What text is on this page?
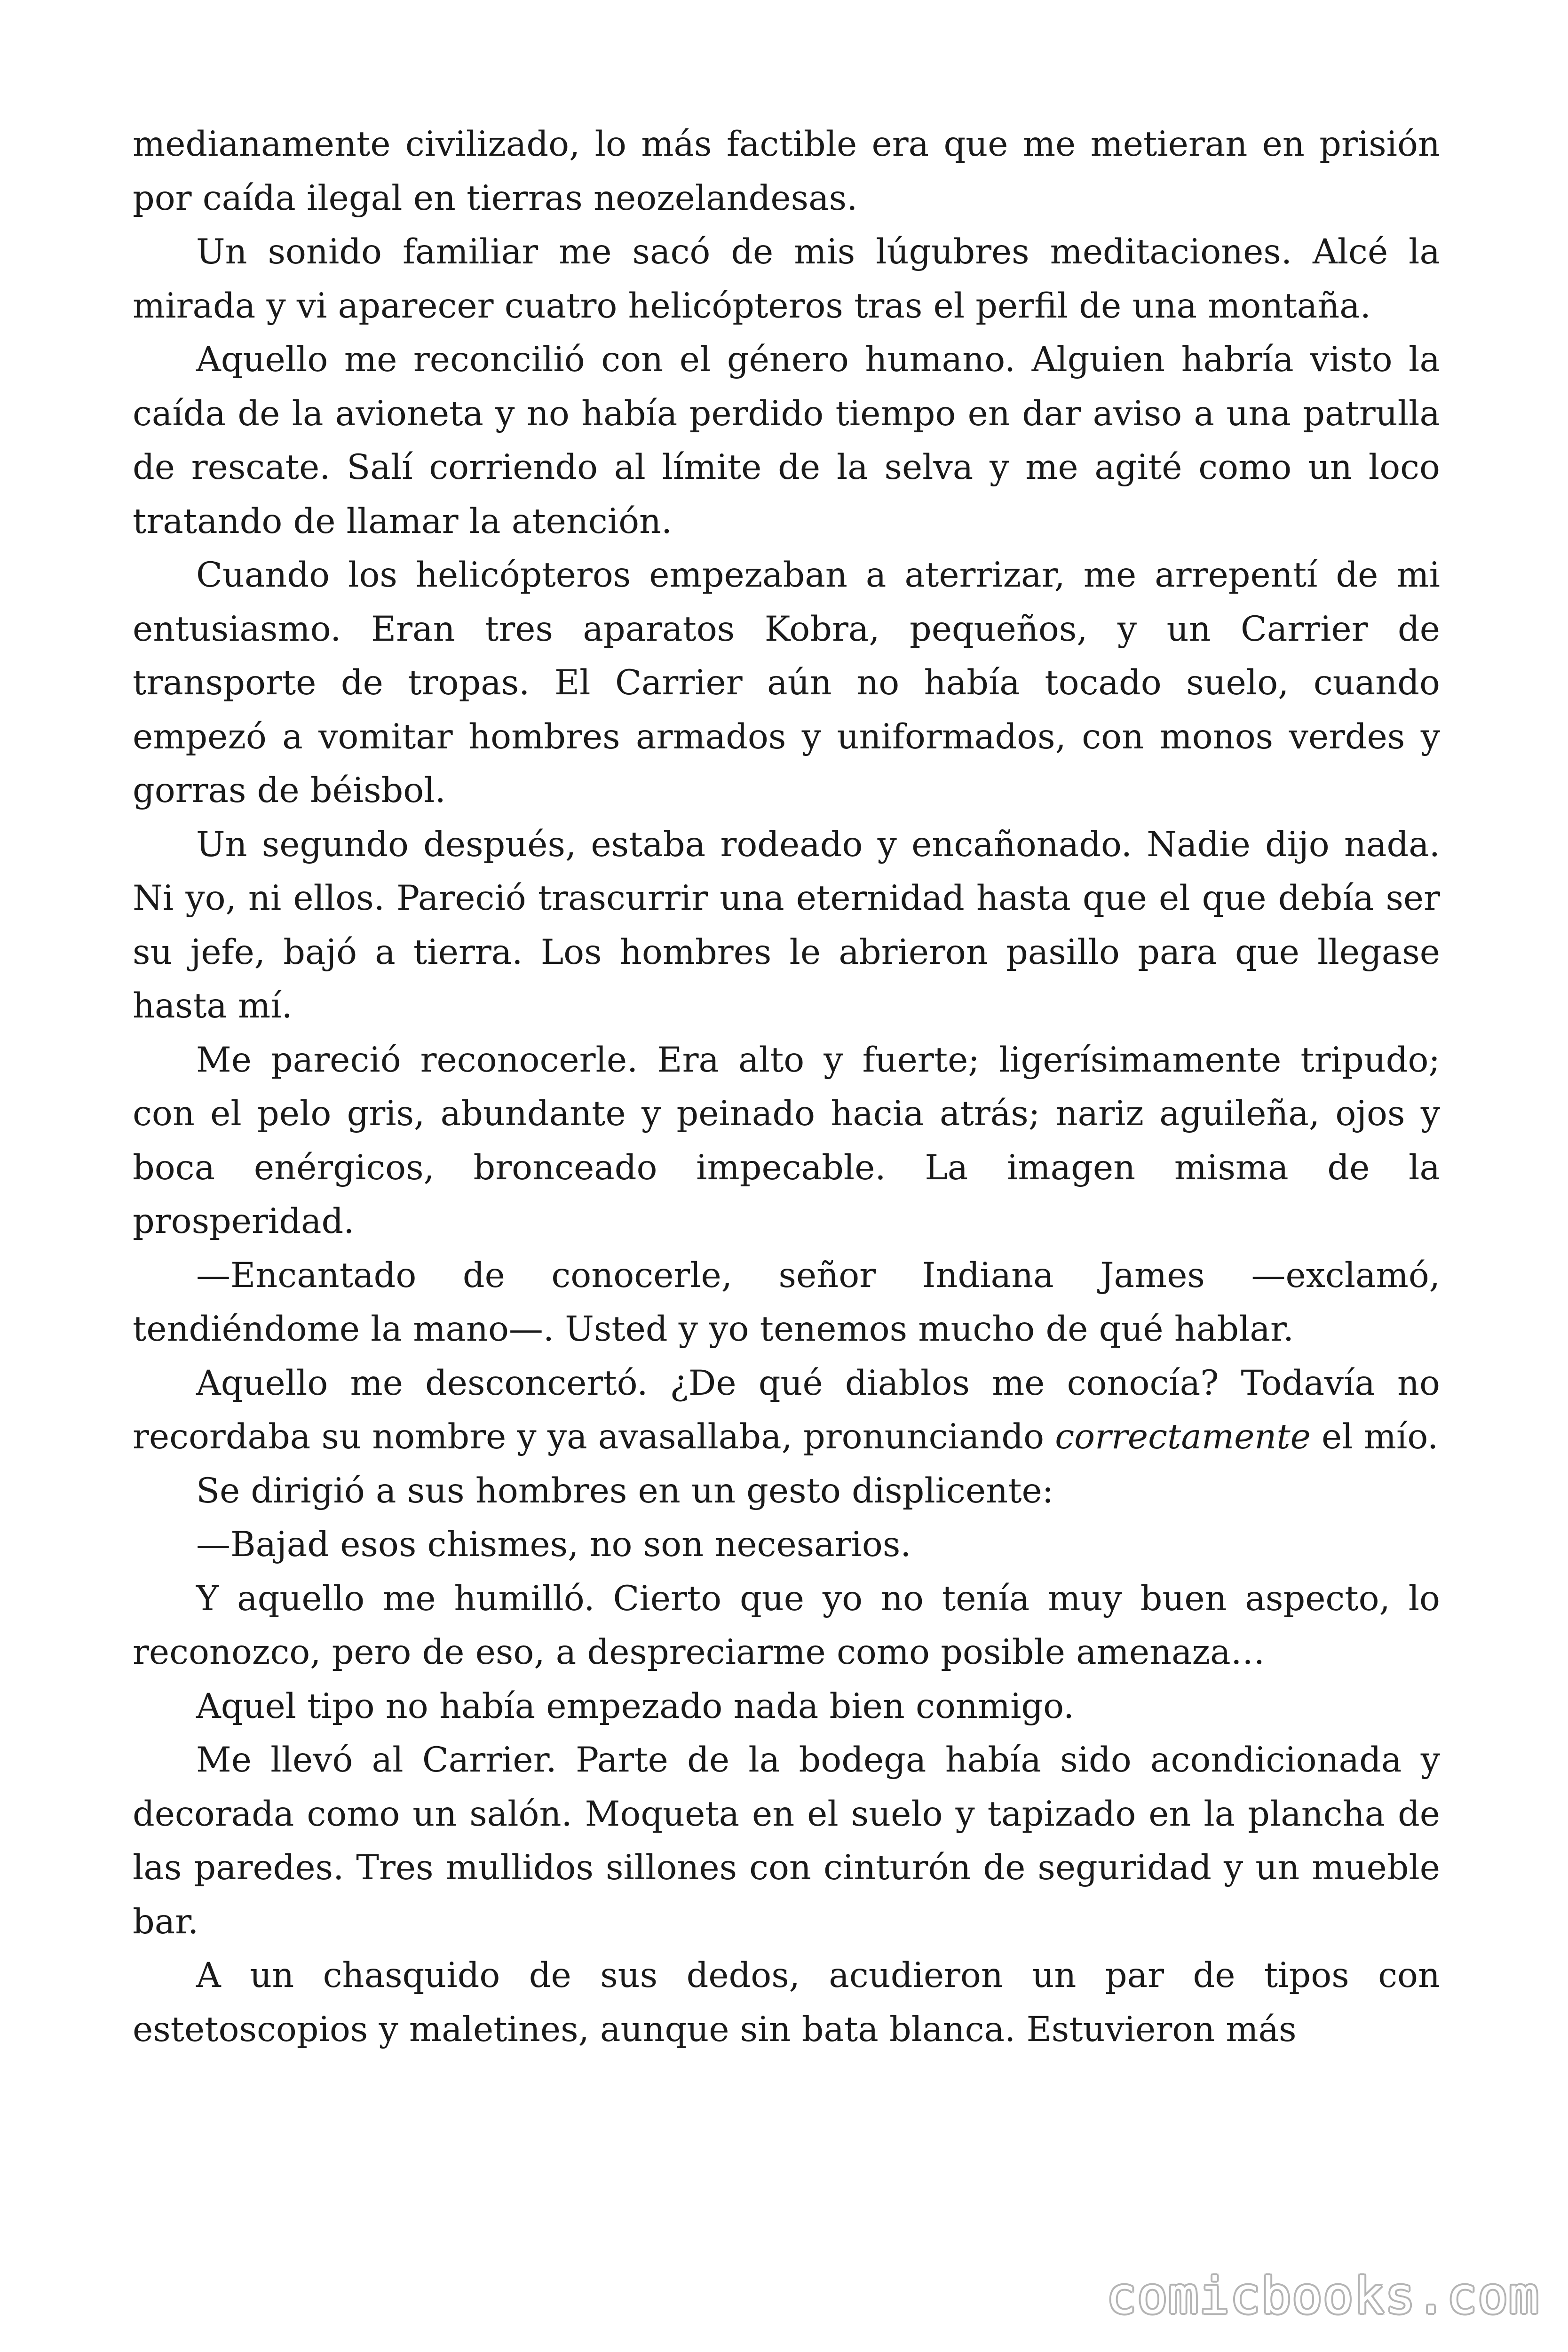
medianamente civilizado, lo más factible era que me metieran en prisión por caída ilegal en tierras neozelandesas.

Un sonido familiar me sacó de mis lúgubres meditaciones. Alcé la mirada y vi aparecer cuatro helicópteros tras el perfil de una montaña.

Aquello me reconcilió con el género humano. Alguien habría visto la caída de la avioneta y no había perdido tiempo en dar aviso a una patrulla de rescate. Salí corriendo al límite de la selva y me agité como un loco tratando de llamar la atención.

Cuando los helicópteros empezaban a aterrizar, me arrepentí de mi entusiasmo. Eran tres aparatos Kobra, pequeños, y un Carrier de transporte de tropas. El Carrier aún no había tocado suelo, cuando empezó a vomitar hombres armados y uniformados, con monos verdes y gorras de béisbol.

Un segundo después, estaba rodeado y encañonado. Nadie dijo nada. Ni yo, ni ellos. Pareció trascurrir una eternidad hasta que el que debía ser su jefe, bajó a tierra. Los hombres le abrieron pasillo para que llegase hasta mí.

Me pareció reconocerle. Era alto y fuerte; ligerísimamente tripudo; con el pelo gris, abundante y peinado hacia atrás; nariz aguileña, ojos y boca enérgicos, bronceado impecable. La imagen misma de la prosperidad.

—Encantado de conocerle, señor Indiana James —exclamó, tendiéndome la mano—. Usted y yo tenemos mucho de qué hablar.

Aquello me desconcertó. ¿De qué diablos me conocía? Todavía no recordaba su nombre y ya avasallaba, pronunciando correctamente el mío.

Se dirigió a sus hombres en un gesto displicente:

—Bajad esos chismes, no son necesarios.

Y aquello me humilló. Cierto que yo no tenía muy buen aspecto, lo reconozco, pero de eso, a despreciarme como posible amenaza…

Aquel tipo no había empezado nada bien conmigo.

Me llevó al Carrier. Parte de la bodega había sido acondicionada y decorada como un salón. Moqueta en el suelo y tapizado en la plancha de las paredes. Tres mullidos sillones con cinturón de seguridad y un mueble bar.

A un chasquido de sus dedos, acudieron un par de tipos con estetoscopios y maletines, aunque sin bata blanca. Estuvieron más

comicbooks.com
